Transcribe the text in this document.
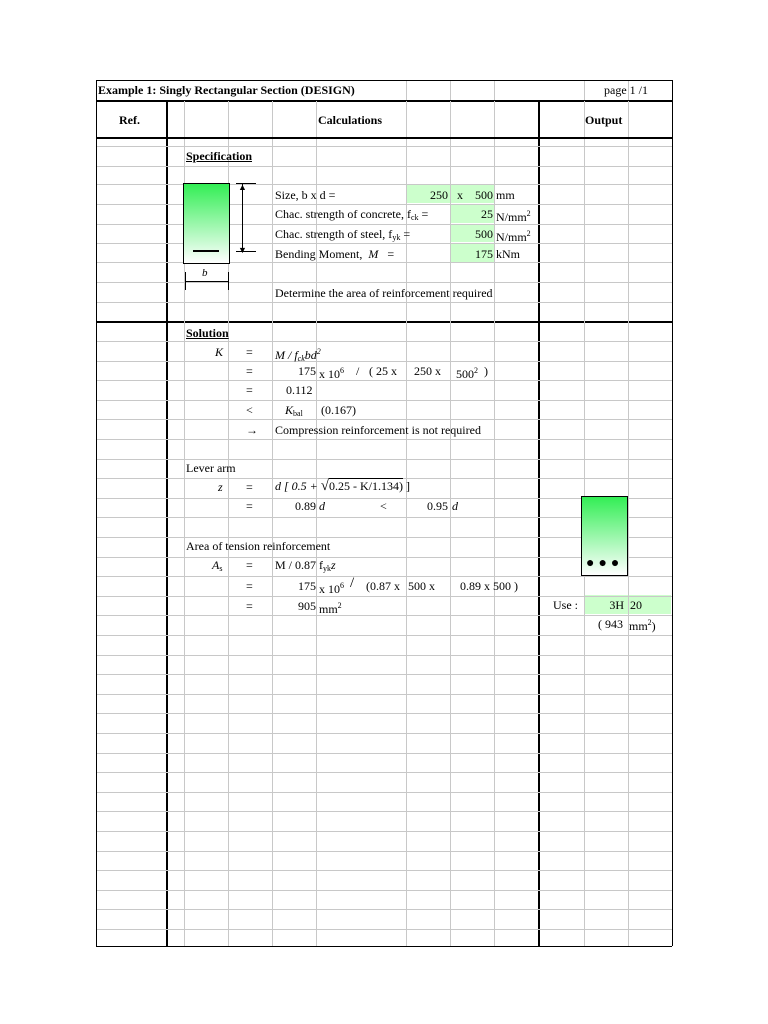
Example 1: Singly Rectangular Section (DESIGN)	page 1 /1
Ref.	Calculations	Output
Specification
▲
▼
b
Size, b x d =	250 x	500 mm
Chac. strength of concrete, $f_{ck}$ =	25 $N/mm^2$
Chac. strength of steel, $f_{yk}$ =	500 $N/mm^2$
Bending Moment, M =	175 kNm
Determine the area of reinforcement required
Solution
$K = M / f_{ck}bd^2$
=	175 x $10^6$ / ( 25 x 250 x $500^2$ )
=	0.112
<	$K_{bal}$ (0.167)
→ Compression reinforcement is not required
Lever arm
z = d [ 0.5 + √0.25 - K/1.134) ]
=	0.89 d	<	0.95 d
Area of tension reinforcement
$A_s = M / 0.87$ $f_{yk}z$
=	175 x $10^6 / (0.87$ x 500 x 0.89 x 500 )
=	905 $mm^2$
●●●
Use :	3H 20
( 943 $mm^2$)
